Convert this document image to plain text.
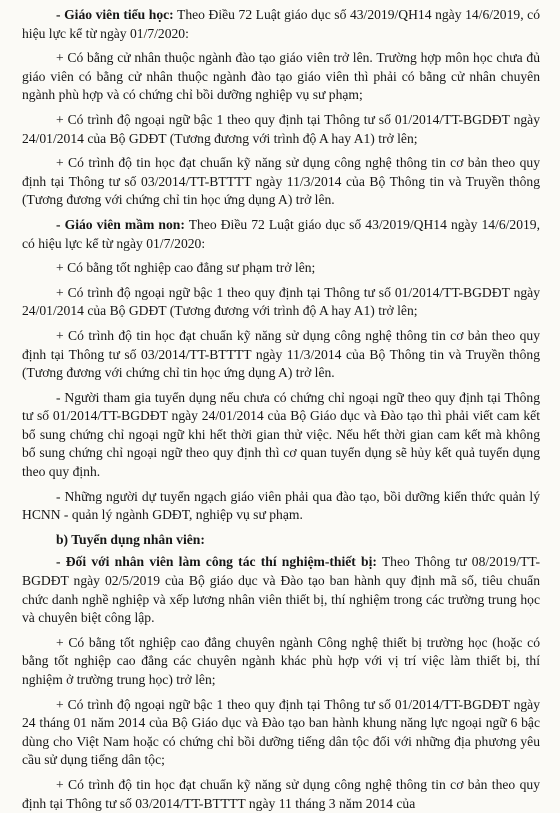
- Giáo viên tiểu học: Theo Điều 72 Luật giáo dục số 43/2019/QH14 ngày 14/6/2019, có hiệu lực kể từ ngày 01/7/2020:

+ Có bằng cử nhân thuộc ngành đào tạo giáo viên trở lên. Trường hợp môn học chưa đủ giáo viên có bằng cử nhân thuộc ngành đào tạo giáo viên thì phải có bằng cử nhân chuyên ngành phù hợp và có chứng chỉ bồi dưỡng nghiệp vụ sư phạm;

+ Có trình độ ngoại ngữ bậc 1 theo quy định tại Thông tư số 01/2014/TT-BGDĐT ngày 24/01/2014 của Bộ GDĐT (Tương đương với trình độ A hay A1) trở lên;

+ Có trình độ tin học đạt chuẩn kỹ năng sử dụng công nghệ thông tin cơ bản theo quy định tại Thông tư số 03/2014/TT-BTTTT ngày 11/3/2014 của Bộ Thông tin và Truyền thông (Tương đương với chứng chỉ tin học ứng dụng A) trở lên.

- Giáo viên mầm non: Theo Điều 72 Luật giáo dục số 43/2019/QH14 ngày 14/6/2019, có hiệu lực kể từ ngày 01/7/2020:

+ Có bằng tốt nghiệp cao đẳng sư phạm trở lên;

+ Có trình độ ngoại ngữ bậc 1 theo quy định tại Thông tư số 01/2014/TT-BGDĐT ngày 24/01/2014 của Bộ GDĐT (Tương đương với trình độ A hay A1) trở lên;

+ Có trình độ tin học đạt chuẩn kỹ năng sử dụng công nghệ thông tin cơ bản theo quy định tại Thông tư số 03/2014/TT-BTTTT ngày 11/3/2014 của Bộ Thông tin và Truyền thông (Tương đương với chứng chỉ tin học ứng dụng A) trở lên.

- Người tham gia tuyển dụng nếu chưa có chứng chỉ ngoại ngữ theo quy định tại Thông tư số 01/2014/TT-BGDĐT ngày 24/01/2014 của Bộ Giáo dục và Đào tạo thì phải viết cam kết bổ sung chứng chỉ ngoại ngữ khi hết thời gian thử việc. Nếu hết thời gian cam kết mà không bổ sung chứng chỉ ngoại ngữ theo quy định thì cơ quan tuyển dụng sẽ hủy kết quả tuyển dụng theo quy định.

- Những người dự tuyển ngạch giáo viên phải qua đào tạo, bồi dưỡng kiến thức quản lý HCNN - quản lý ngành GDĐT, nghiệp vụ sư phạm.

b) Tuyển dụng nhân viên:

- Đối với nhân viên làm công tác thí nghiệm-thiết bị: Theo Thông tư 08/2019/TT-BGDĐT ngày 02/5/2019 của Bộ giáo dục và Đào tạo ban hành quy định mã số, tiêu chuẩn chức danh nghề nghiệp và xếp lương nhân viên thiết bị, thí nghiệm trong các trường trung học và chuyên biệt công lập.

+ Có bằng tốt nghiệp cao đẳng chuyên ngành Công nghệ thiết bị trường học (hoặc có bằng tốt nghiệp cao đẳng các chuyên ngành khác phù hợp với vị trí việc làm thiết bị, thí nghiệm ở trường trung học) trở lên;

+ Có trình độ ngoại ngữ bậc 1 theo quy định tại Thông tư số 01/2014/TT-BGDĐT ngày 24 tháng 01 năm 2014 của Bộ Giáo dục và Đào tạo ban hành khung năng lực ngoại ngữ 6 bậc dùng cho Việt Nam hoặc có chứng chỉ bồi dưỡng tiếng dân tộc đối với những địa phương yêu cầu sử dụng tiếng dân tộc;

+ Có trình độ tin học đạt chuẩn kỹ năng sử dụng công nghệ thông tin cơ bản theo quy định tại Thông tư số 03/2014/TT-BTTTT ngày 11 tháng 3 năm 2014 của
